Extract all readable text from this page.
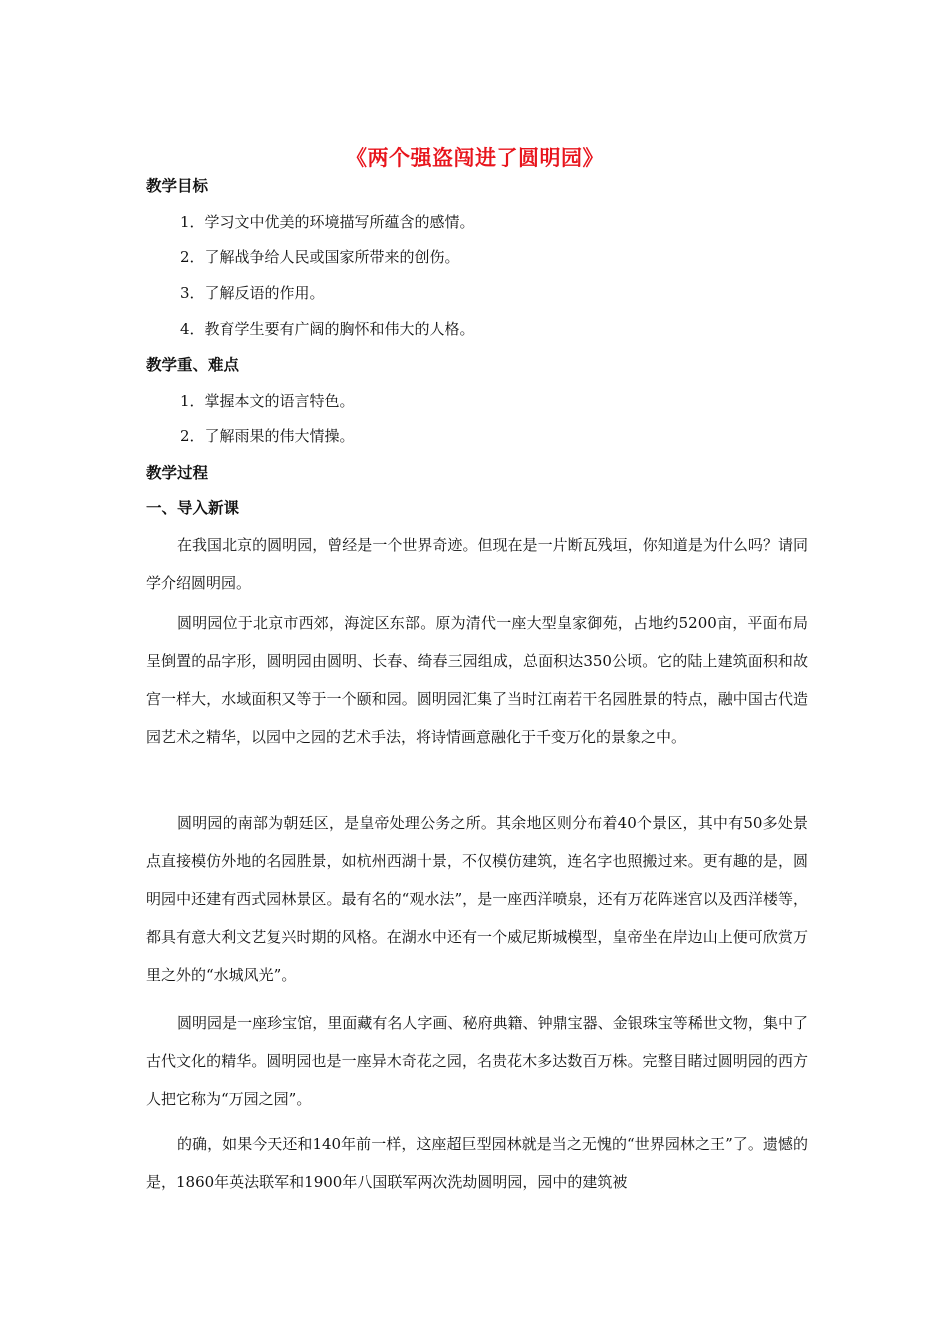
《两个强盗闯进了圆明园》
教学目标
1．学习文中优美的环境描写所蕴含的感情。
2．了解战争给人民或国家所带来的创伤。
3．了解反语的作用。
4．教育学生要有广阔的胸怀和伟大的人格。
教学重、难点
1．掌握本文的语言特色。
2．了解雨果的伟大情操。
教学过程
一、导入新课
在我国北京的圆明园，曾经是一个世界奇迹。但现在是一片断瓦残垣，你知道是为什么吗？请同学介绍圆明园。
圆明园位于北京市西郊，海淀区东部。原为清代一座大型皇家御苑，占地约5200亩，平面布局呈倒置的品字形，圆明园由圆明、长春、绮春三园组成，总面积达350公顷。它的陆上建筑面积和故宫一样大，水域面积又等于一个颐和园。圆明园汇集了当时江南若干名园胜景的特点，融中国古代造园艺术之精华，以园中之园的艺术手法，将诗情画意融化于千变万化的景象之中。
圆明园的南部为朝廷区，是皇帝处理公务之所。其余地区则分布着40个景区，其中有50多处景点直接模仿外地的名园胜景，如杭州西湖十景，不仅模仿建筑，连名字也照搬过来。更有趣的是，圆明园中还建有西式园林景区。最有名的“观水法”，是一座西洋喷泉，还有万花阵迷宫以及西洋楼等，都具有意大利文艺复兴时期的风格。在湖水中还有一个威尼斯城模型，皇帝坐在岸边山上便可欣赏万里之外的“水城风光”。
圆明园是一座珍宝馆，里面藏有名人字画、秘府典籍、钟鼎宝器、金银珠宝等稀世文物，集中了古代文化的精华。圆明园也是一座异木奇花之园，名贵花木多达数百万株。完整目睹过圆明园的西方人把它称为“万园之园”。
的确，如果今天还和140年前一样，这座超巨型园林就是当之无愧的“世界园林之王”了。遗憾的是，1860年英法联军和1900年八国联军两次洗劫圆明园，园中的建筑被
